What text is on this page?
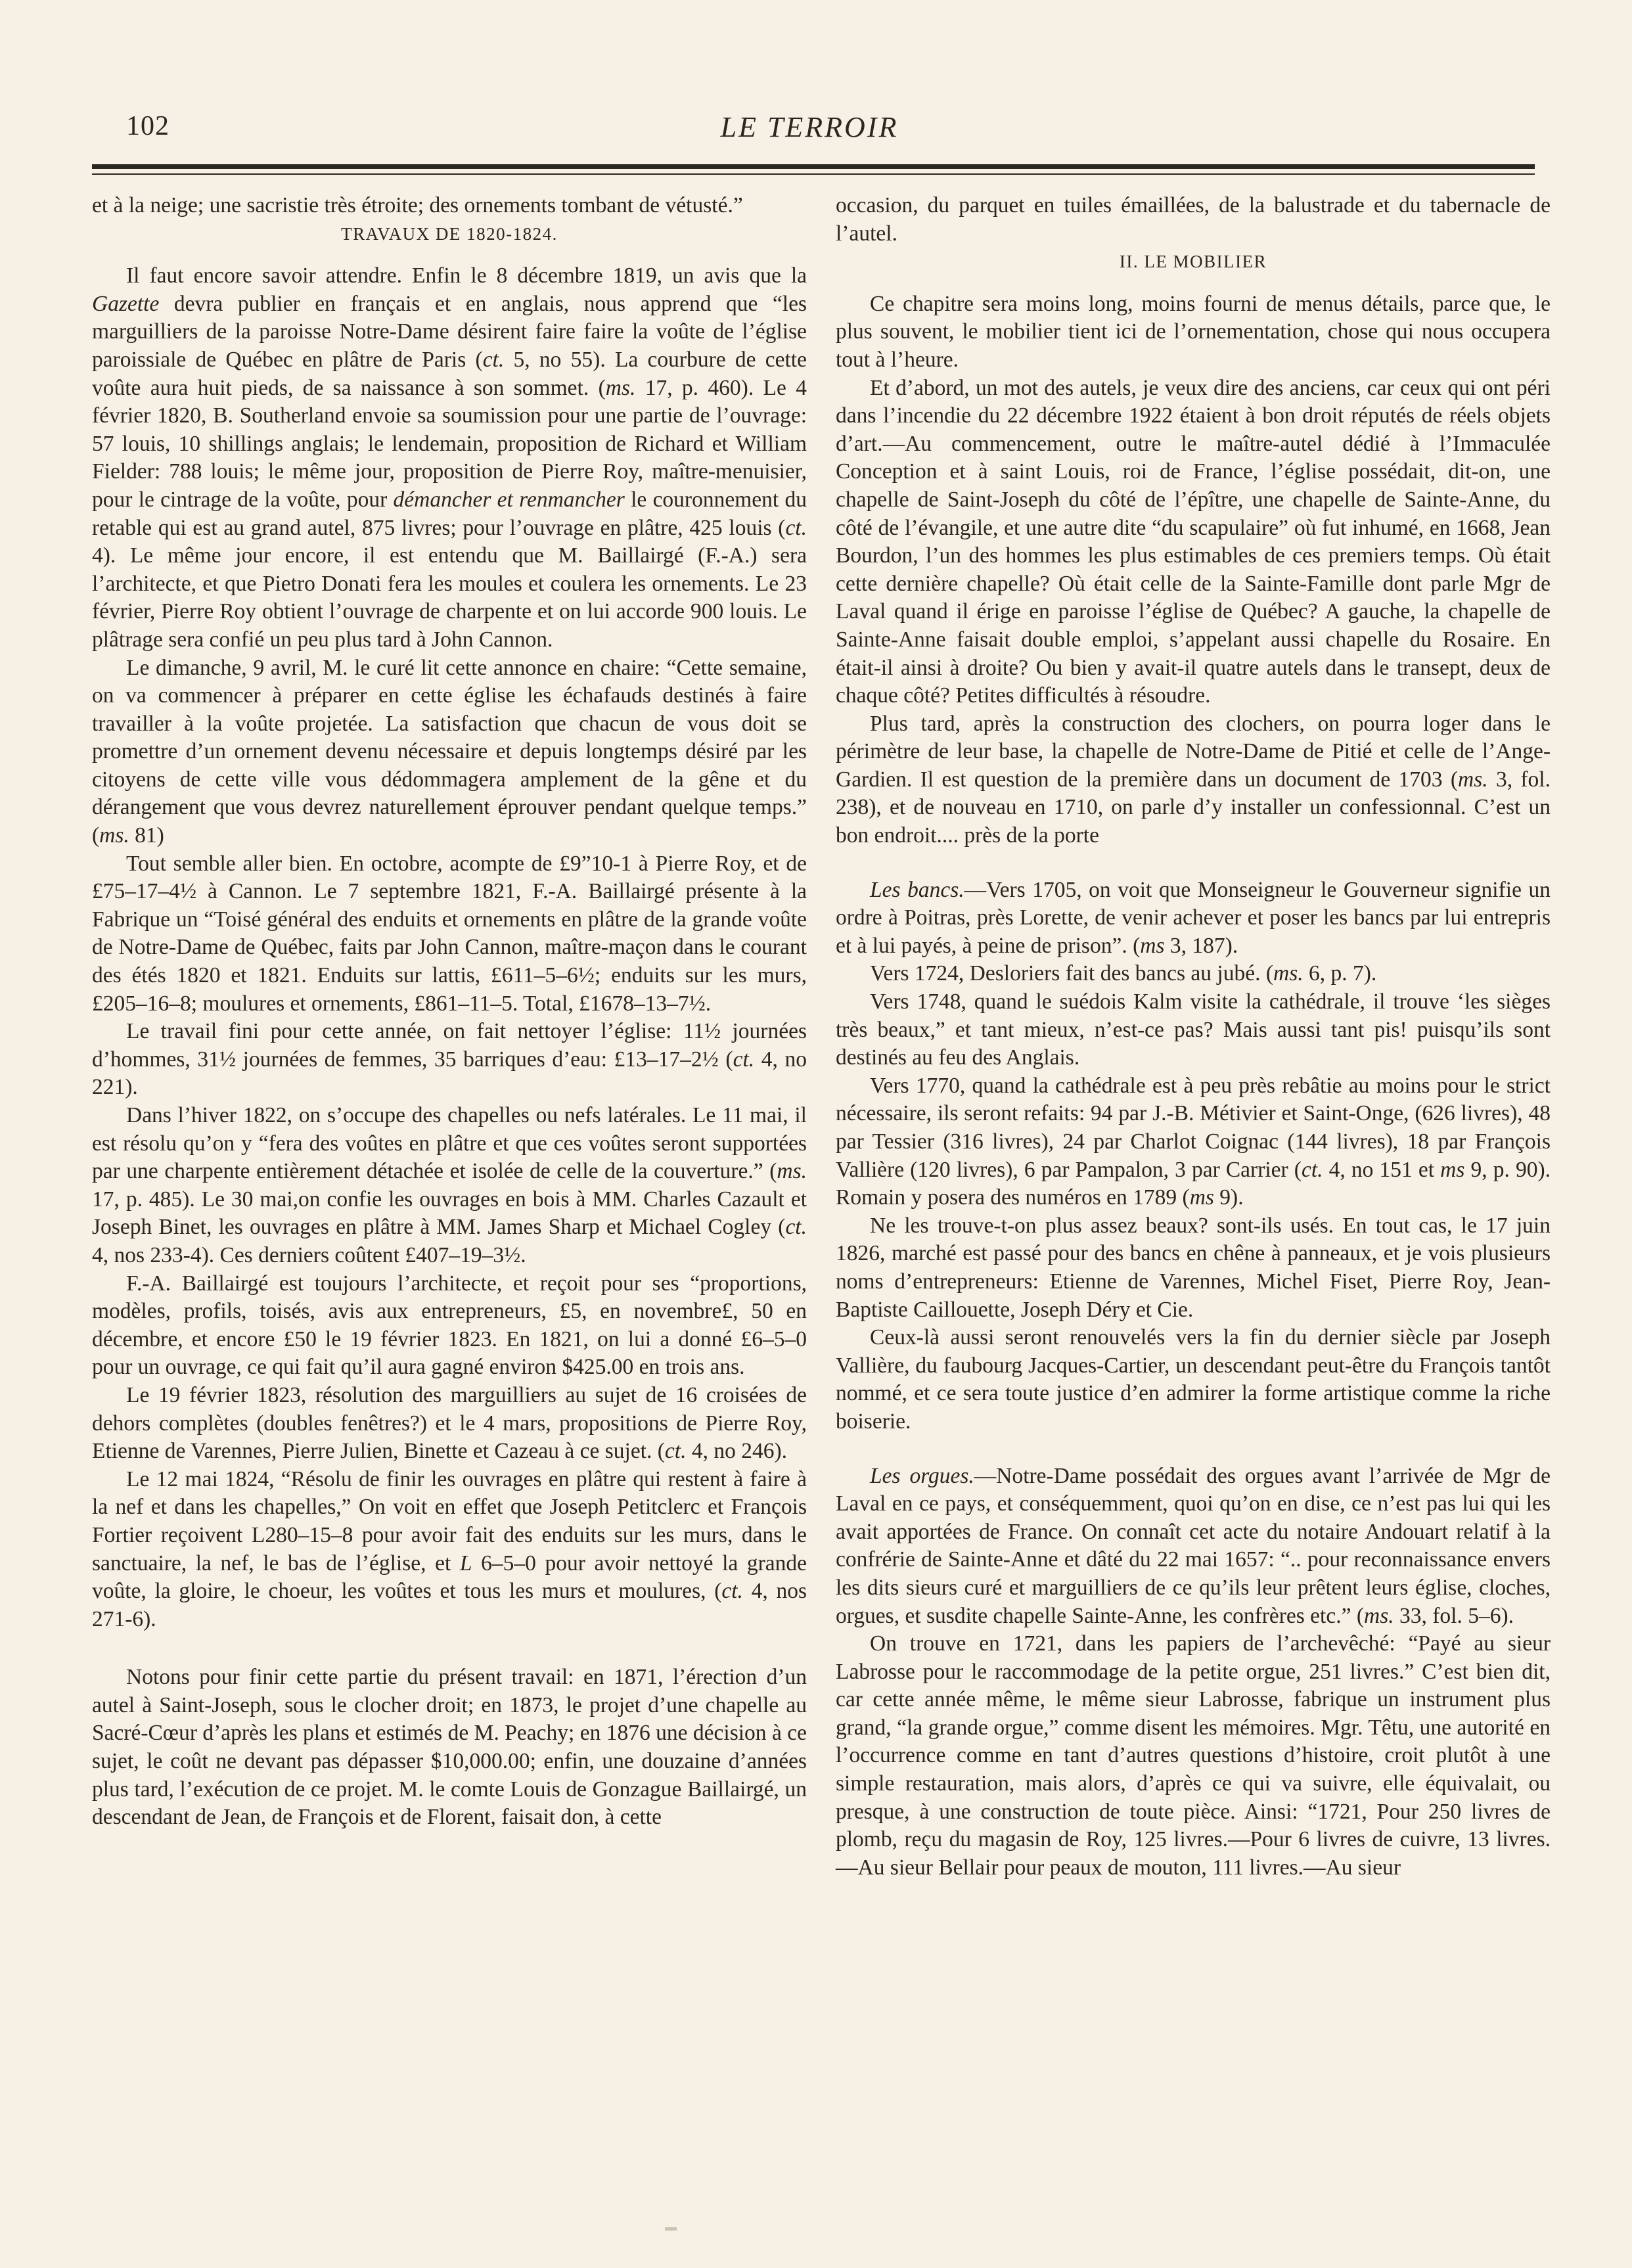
102	LE TERROIR

et à la neige; une sacristie très étroite; des ornements tombant de vétusté.”

TRAVAUX DE 1820-1824.

Il faut encore savoir attendre. Enfin le 8 décembre 1819, un avis que la Gazette devra publier en français et en anglais, nous apprend que “les marguilliers de la paroisse Notre-Dame désirent faire faire la voûte de l’église paroissiale de Québec en plâtre de Paris (ct. 5, no 55). La courbure de cette voûte aura huit pieds, de sa naissance à son sommet. (ms. 17, p. 460). Le 4 février 1820, B. Southerland envoie sa soumission pour une partie de l’ouvrage: 57 louis, 10 shillings anglais; le lendemain, proposition de Richard et William Fielder: 788 louis; le même jour, proposition de Pierre Roy, maître-menuisier, pour le cintrage de la voûte, pour démancher et renmancher le couronnement du retable qui est au grand autel, 875 livres; pour l’ouvrage en plâtre, 425 louis (ct. 4). Le même jour encore, il est entendu que M. Baillairgé (F.-A.) sera l’architecte, et que Pietro Donati fera les moules et coulera les ornements. Le 23 février, Pierre Roy obtient l’ouvrage de charpente et on lui accorde 900 louis. Le plâtrage sera confié un peu plus tard à John Cannon.

Le dimanche, 9 avril, M. le curé lit cette annonce en chaire: “Cette semaine, on va commencer à préparer en cette église les échafauds destinés à faire travailler à la voûte projetée. La satisfaction que chacun de vous doit se promettre d’un ornement devenu nécessaire et depuis longtemps désiré par les citoyens de cette ville vous dédommagera amplement de la gêne et du dérangement que vous devrez naturellement éprouver pendant quelque temps.” (ms. 81)

Tout semble aller bien. En octobre, acompte de £9”10-1 à Pierre Roy, et de £75–17–4½ à Cannon. Le 7 septembre 1821, F.-A. Baillairgé présente à la Fabrique un “Toisé général des enduits et ornements en plâtre de la grande voûte de Notre-Dame de Québec, faits par John Cannon, maître-maçon dans le courant des étés 1820 et 1821. Enduits sur lattis, £611–5–6½; enduits sur les murs, £205–16–8; moulures et ornements, £861–11–5. Total, £1678–13–7½.

Le travail fini pour cette année, on fait nettoyer l’église: 11½ journées d’hommes, 31½ journées de femmes, 35 barriques d’eau: £13–17–2½ (ct. 4, no 221).

Dans l’hiver 1822, on s’occupe des chapelles ou nefs latérales. Le 11 mai, il est résolu qu’on y “fera des voûtes en plâtre et que ces voûtes seront supportées par une charpente entièrement détachée et isolée de celle de la couverture.” (ms. 17, p. 485). Le 30 mai,on confie les ouvrages en bois à MM. Charles Cazault et Joseph Binet, les ouvrages en plâtre à MM. James Sharp et Michael Cogley (ct. 4, nos 233-4). Ces derniers coûtent £407–19–3½.

F.-A. Baillairgé est toujours l’architecte, et reçoit pour ses “proportions, modèles, profils, toisés, avis aux entrepreneurs, £5, en novembre£, 50 en décembre, et encore £50 le 19 février 1823. En 1821, on lui a donné £6–5–0 pour un ouvrage, ce qui fait qu’il aura gagné environ $425.00 en trois ans.

Le 19 février 1823, résolution des marguilliers au sujet de 16 croisées de dehors complètes (doubles fenêtres?) et le 4 mars, propositions de Pierre Roy, Etienne de Varennes, Pierre Julien, Binette et Cazeau à ce sujet. (ct. 4, no 246).

Le 12 mai 1824, “Résolu de finir les ouvrages en plâtre qui restent à faire à la nef et dans les chapelles,” On voit en effet que Joseph Petitclerc et François Fortier reçoivent L280–15–8 pour avoir fait des enduits sur les murs, dans le sanctuaire, la nef, le bas de l’église, et L 6–5–0 pour avoir nettoyé la grande voûte, la gloire, le choeur, les voûtes et tous les murs et moulures, (ct. 4, nos 271-6).

Notons pour finir cette partie du présent travail: en 1871, l’érection d’un autel à Saint-Joseph, sous le clocher droit; en 1873, le projet d’une chapelle au Sacré-Cœur d’après les plans et estimés de M. Peachy; en 1876 une décision à ce sujet, le coût ne devant pas dépasser $10,000.00; enfin, une douzaine d’années plus tard, l’exécution de ce projet. M. le comte Louis de Gonzague Baillairgé, un descendant de Jean, de François et de Florent, faisait don, à cette

occasion, du parquet en tuiles émaillées, de la balustrade et du tabernacle de l’autel.

II. LE MOBILIER

Ce chapitre sera moins long, moins fourni de menus détails, parce que, le plus souvent, le mobilier tient ici de l’ornementation, chose qui nous occupera tout à l’heure.

Et d’abord, un mot des autels, je veux dire des anciens, car ceux qui ont péri dans l’incendie du 22 décembre 1922 étaient à bon droit réputés de réels objets d’art.—Au commencement, outre le maître-autel dédié à l’Immaculée Conception et à saint Louis, roi de France, l’église possédait, dit-on, une chapelle de Saint-Joseph du côté de l’épître, une chapelle de Sainte-Anne, du côté de l’évangile, et une autre dite “du scapulaire” où fut inhumé, en 1668, Jean Bourdon, l’un des hommes les plus estimables de ces premiers temps. Où était cette dernière chapelle? Où était celle de la Sainte-Famille dont parle Mgr de Laval quand il érige en paroisse l’église de Québec? A gauche, la chapelle de Sainte-Anne faisait double emploi, s’appelant aussi chapelle du Rosaire. En était-il ainsi à droite? Ou bien y avait-il quatre autels dans le transept, deux de chaque côté? Petites difficultés à résoudre.

Plus tard, après la construction des clochers, on pourra loger dans le périmètre de leur base, la chapelle de Notre-Dame de Pitié et celle de l’Ange-Gardien. Il est question de la première dans un document de 1703 (ms. 3, fol. 238), et de nouveau en 1710, on parle d’y installer un confessionnal. C’est un bon endroit.... près de la porte

Les bancs.—Vers 1705, on voit que Monseigneur le Gouverneur signifie un ordre à Poitras, près Lorette, de venir achever et poser les bancs par lui entrepris et à lui payés, à peine de prison”. (ms 3, 187).

Vers 1724, Desloriers fait des bancs au jubé. (ms. 6, p. 7).

Vers 1748, quand le suédois Kalm visite la cathédrale, il trouve ‘les sièges très beaux,” et tant mieux, n’est-ce pas? Mais aussi tant pis! puisqu’ils sont destinés au feu des Anglais.

Vers 1770, quand la cathédrale est à peu près rebâtie au moins pour le strict nécessaire, ils seront refaits: 94 par J.-B. Métivier et Saint-Onge, (626 livres), 48 par Tessier (316 livres), 24 par Charlot Coignac (144 livres), 18 par François Vallière (120 livres), 6 par Pampalon, 3 par Carrier (ct. 4, no 151 et ms 9, p. 90). Romain y posera des numéros en 1789 (ms 9).

Ne les trouve-t-on plus assez beaux? sont-ils usés. En tout cas, le 17 juin 1826, marché est passé pour des bancs en chêne à panneaux, et je vois plusieurs noms d’entrepreneurs: Etienne de Varennes, Michel Fiset, Pierre Roy, Jean-Baptiste Caillouette, Joseph Déry et Cie.

Ceux-là aussi seront renouvelés vers la fin du dernier siècle par Joseph Vallière, du faubourg Jacques-Cartier, un descendant peut-être du François tantôt nommé, et ce sera toute justice d’en admirer la forme artistique comme la riche boiserie.

Les orgues.—Notre-Dame possédait des orgues avant l’arrivée de Mgr de Laval en ce pays, et conséquemment, quoi qu’on en dise, ce n’est pas lui qui les avait apportées de France. On connaît cet acte du notaire Andouart relatif à la confrérie de Sainte-Anne et dâté du 22 mai 1657: “.. pour reconnaissance envers les dits sieurs curé et marguilliers de ce qu’ils leur prêtent leurs église, cloches, orgues, et susdite chapelle Sainte-Anne, les confrères etc.” (ms. 33, fol. 5–6).

On trouve en 1721, dans les papiers de l’archevêché: “Payé au sieur Labrosse pour le raccommodage de la petite orgue, 251 livres.” C’est bien dit, car cette année même, le même sieur Labrosse, fabrique un instrument plus grand, “la grande orgue,” comme disent les mémoires. Mgr. Têtu, une autorité en l’occurrence comme en tant d’autres questions d’histoire, croit plutôt à une simple restauration, mais alors, d’après ce qui va suivre, elle équivalait, ou presque, à une construction de toute pièce. Ainsi: “1721, Pour 250 livres de plomb, reçu du magasin de Roy, 125 livres.—Pour 6 livres de cuivre, 13 livres.—Au sieur Bellair pour peaux de mouton, 111 livres.—Au sieur
